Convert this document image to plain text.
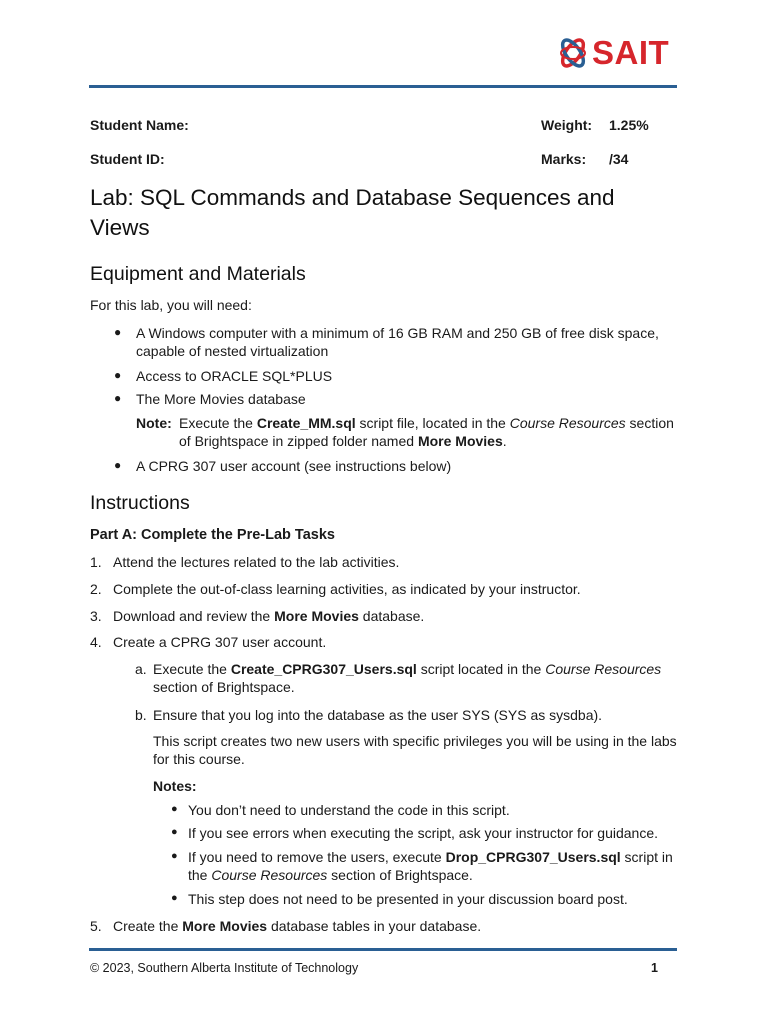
SAIT
Student Name:	Weight: 1.25%
Student ID:	Marks: /34
Lab: SQL Commands and Database Sequences and
Views
Equipment and Materials
For this lab, you will need:
● A Windows computer with a minimum of 16 GB RAM and 250 GB of free disk space,
capable of nested virtualization
● Access to ORACLE SQL*PLUS
● The More Movies database
Note: Execute the Create_MM.sql script file, located in the Course Resources section
of Brightspace in zipped folder named More Movies.
● A CPRG 307 user account (see instructions below)
Instructions
Part A: Complete the Pre-Lab Tasks
1. Attend the lectures related to the lab activities.
2. Complete the out-of-class learning activities, as indicated by your instructor.
3. Download and review the More Movies database.
4. Create a CPRG 307 user account.
a. Execute the Create_CPRG307_Users.sql script located in the Course Resources
section of Brightspace.
b. Ensure that you log into the database as the user SYS (SYS as sysdba).
This script creates two new users with specific privileges you will be using in the labs
for this course.
Notes:
● You don’t need to understand the code in this script.
● If you see errors when executing the script, ask your instructor for guidance.
● If you need to remove the users, execute Drop_CPRG307_Users.sql script in
the Course Resources section of Brightspace.
● This step does not need to be presented in your discussion board post.
5. Create the More Movies database tables in your database.
© 2023, Southern Alberta Institute of Technology	1
